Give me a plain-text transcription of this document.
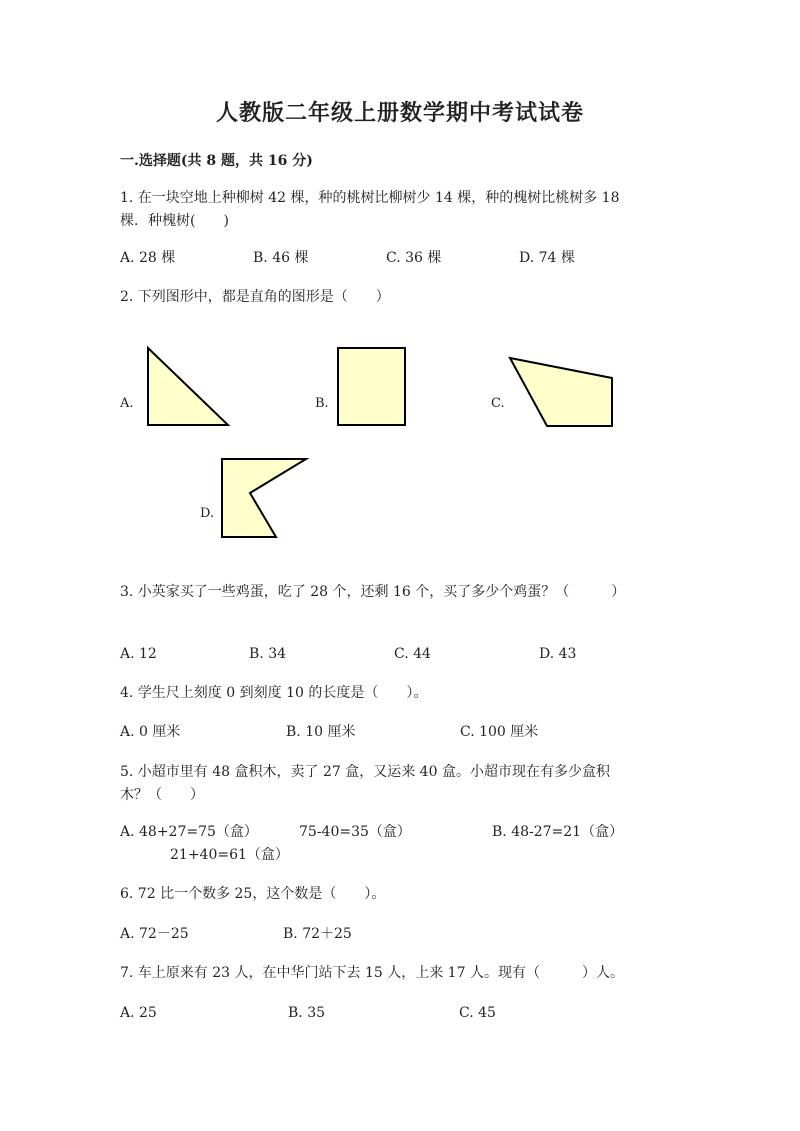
人教版二年级上册数学期中考试试卷
一.选择题(共 8 题，共 16 分)
1. 在一块空地上种柳树 42 棵，种的桃树比柳树少 14 棵，种的槐树比桃树多 18
棵．种槐树(　　)
A. 28 棵	B. 46 棵	C. 36 棵	D. 74 棵
2. 下列图形中，都是直角的图形是（　　）
A.	B.	C.
D.
3. 小英家买了一些鸡蛋，吃了 28 个，还剩 16 个，买了多少个鸡蛋？（　　　）
A. 12	B. 34	C. 44	D. 43
4. 学生尺上刻度 0 到刻度 10 的长度是（　　）。
A. 0 厘米	B. 10 厘米	C. 100 厘米
5. 小超市里有 48 盒积木，卖了 27 盒，又运来 40 盒。小超市现在有多少盒积
木？（　　）
A. 48+27=75（盒）	75-40=35（盒）	B. 48-27=21（盒）
21+40=61（盒）
6. 72 比一个数多 25，这个数是（　　）。
A. 72－25	B. 72＋25
7. 车上原来有 23 人，在中华门站下去 15 人，上来 17 人。现有（　　　）人。
A. 25	B. 35	C. 45
